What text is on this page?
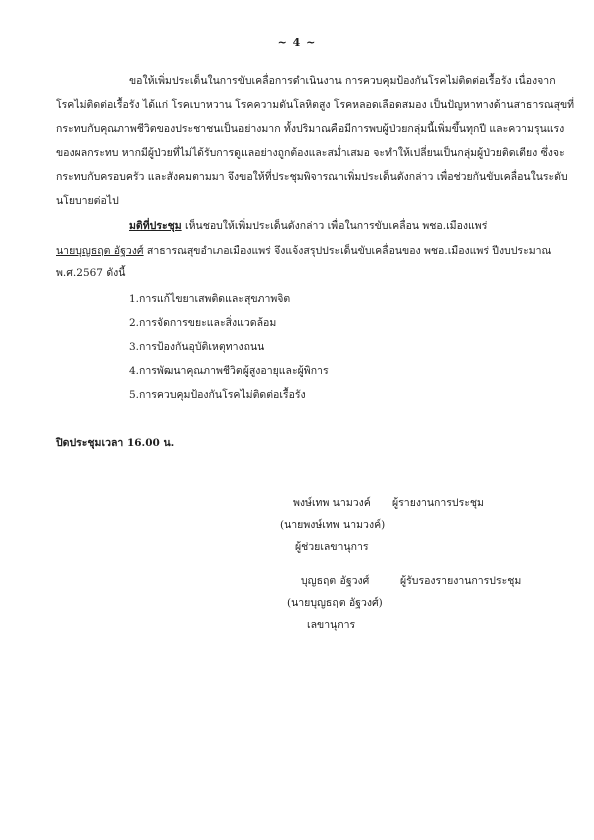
~ 4 ~
ขอให้เพิ่มประเด็นในการขับเคลื่อการดำเนินงาน การควบคุมป้องกันโรคไม่ติดต่อเรื้อรัง เนื่องจาก
โรคไม่ติดต่อเรื้อรัง ได้แก่ โรคเบาหวาน โรคความดันโลหิตสูง โรคหลอดเลือดสมอง เป็นปัญหาทางด้านสาธารณสุขที่
กระทบกับคุณภาพชีวิตของประชาชนเป็นอย่างมาก ทั้งปริมาณคือมีการพบผู้ป่วยกลุ่มนี้เพิ่มขึ้นทุกปี และความรุนแรง
ของผลกระทบ หากมีผู้ป่วยที่ไม่ได้รับการดูแลอย่างถูกต้องและสม่ำเสมอ จะทำให้เปลี่ยนเป็นกลุ่มผู้ป่วยติดเตียง ซึ่งจะ
กระทบกับครอบครัว และสังคมตามมา จึงขอให้ที่ประชุมพิจารณาเพิ่มประเด็นดังกล่าว เพื่อช่วยกันขับเคลื่อนในระดับ
นโยบายต่อไป
มติที่ประชุม เห็นชอบให้เพิ่มประเด็นดังกล่าว เพื่อในการขับเคลื่อน พชอ.เมืองแพร่
นายบุญธฤต อัฐวงศ์ สาธารณสุขอำเภอเมืองแพร่ จึงแจ้งสรุปประเด็นขับเคลื่อนของ พชอ.เมืองแพร่ ปีงบประมาณ
พ.ศ.2567 ดังนี้
1.การแก้ไขยาเสพติดและสุขภาพจิต
2.การจัดการขยะและสิ่งแวดล้อม
3.การป้องกันอุบัติเหตุทางถนน
4.การพัฒนาคุณภาพชีวิตผู้สูงอายุและผู้พิการ
5.การควบคุมป้องกันโรคไม่ติดต่อเรื้อรัง
ปิดประชุมเวลา 16.00 น.
พงษ์เทพ นามวงค์ ผู้รายงานการประชุม
(นายพงษ์เทพ นามวงค์)
ผู้ช่วยเลขานุการ
บุญธฤต อัฐวงศ์	ผู้รับรองรายงานการประชุม
(นายบุญธฤต อัฐวงศ์)
เลขานุการ
